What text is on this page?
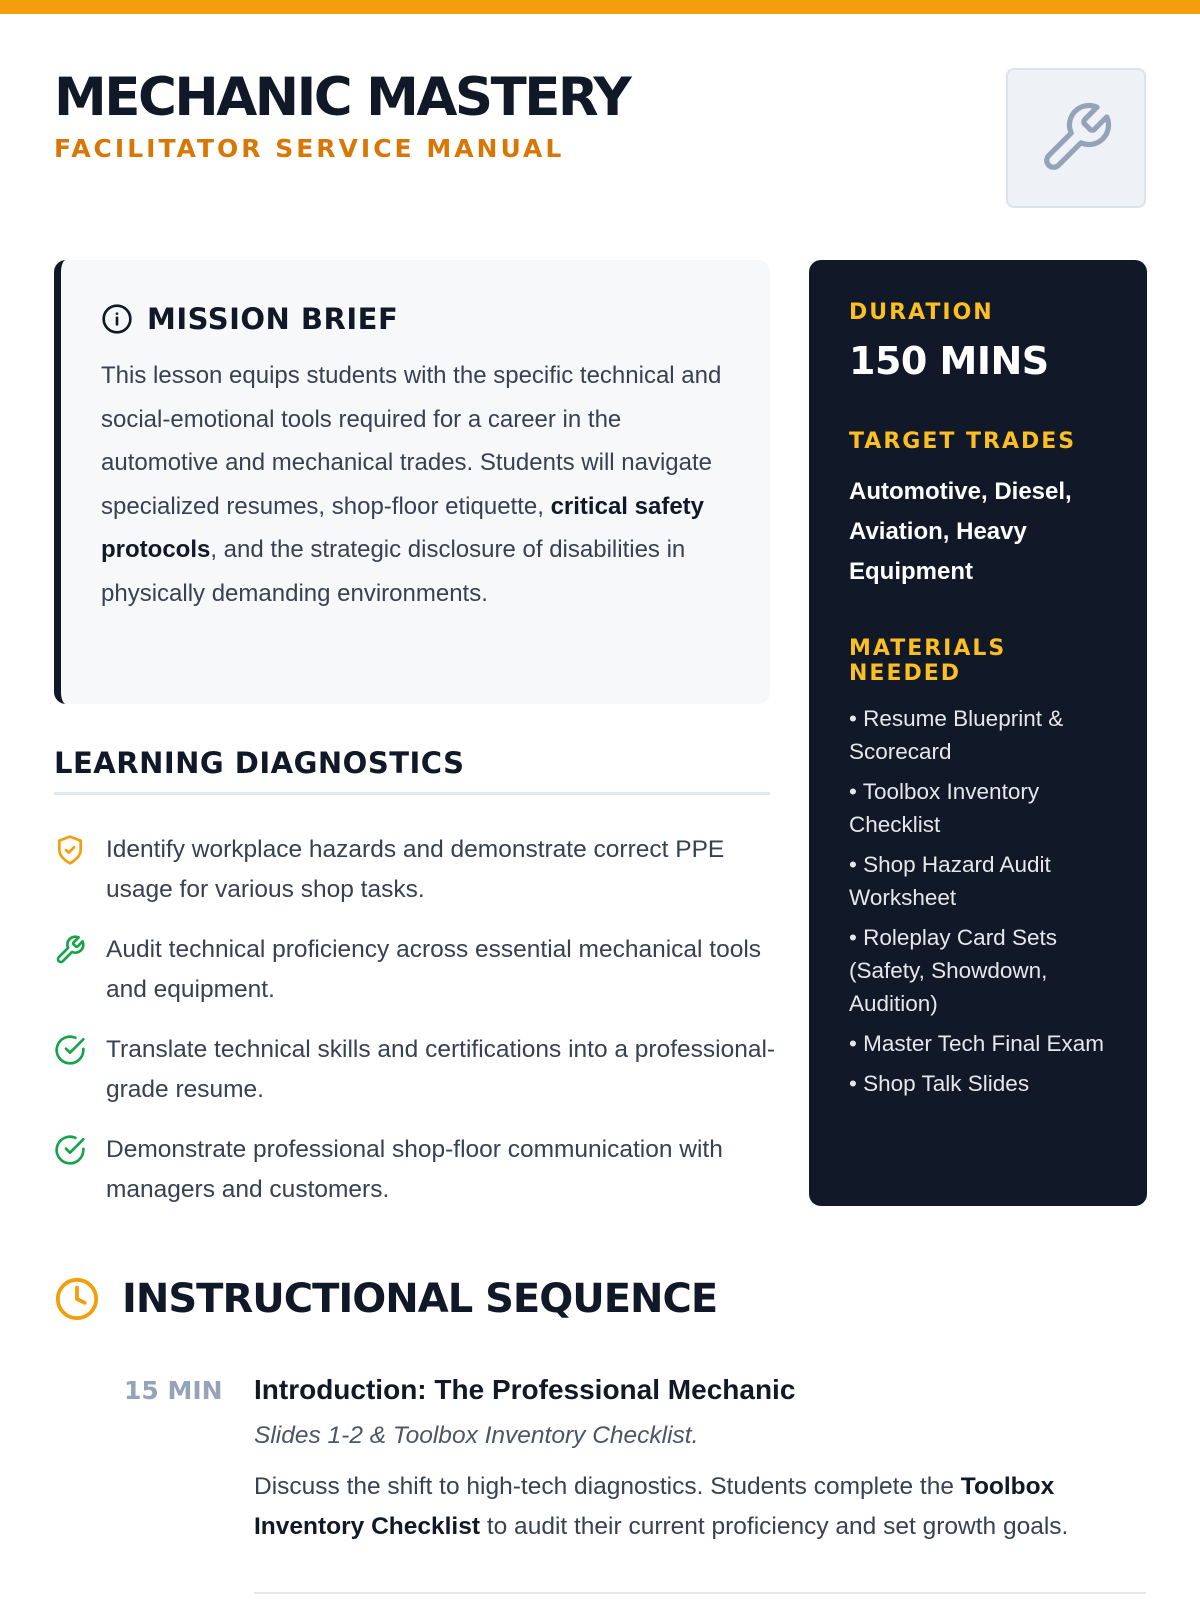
MECHANIC MASTERY
FACILITATOR SERVICE MANUAL
MISSION BRIEF

This lesson equips students with the specific technical and social-emotional tools required for a career in the automotive and mechanical trades. Students will navigate specialized resumes, shop-floor etiquette, critical safety protocols, and the strategic disclosure of disabilities in physically demanding environments.

LEARNING DIAGNOSTICS
Identify workplace hazards and demonstrate correct PPE usage for various shop tasks.
Audit technical proficiency across essential mechanical tools and equipment.
Translate technical skills and certifications into a professional-grade resume.
Demonstrate professional shop-floor communication with managers and customers.
DURATION
150 MINS
TARGET TRADES
Automotive, Diesel, Aviation, Heavy Equipment
MATERIALS NEEDED
• Resume Blueprint & Scorecard
• Toolbox Inventory Checklist
• Shop Hazard Audit Worksheet
• Roleplay Card Sets (Safety, Showdown, Audition)
• Master Tech Final Exam
• Shop Talk Slides
INSTRUCTIONAL SEQUENCE
15 MIN Introduction: The Professional Mechanic
Slides 1-2 & Toolbox Inventory Checklist.

Discuss the shift to high-tech diagnostics. Students complete the Toolbox Inventory Checklist to audit their current proficiency and set growth goals.
